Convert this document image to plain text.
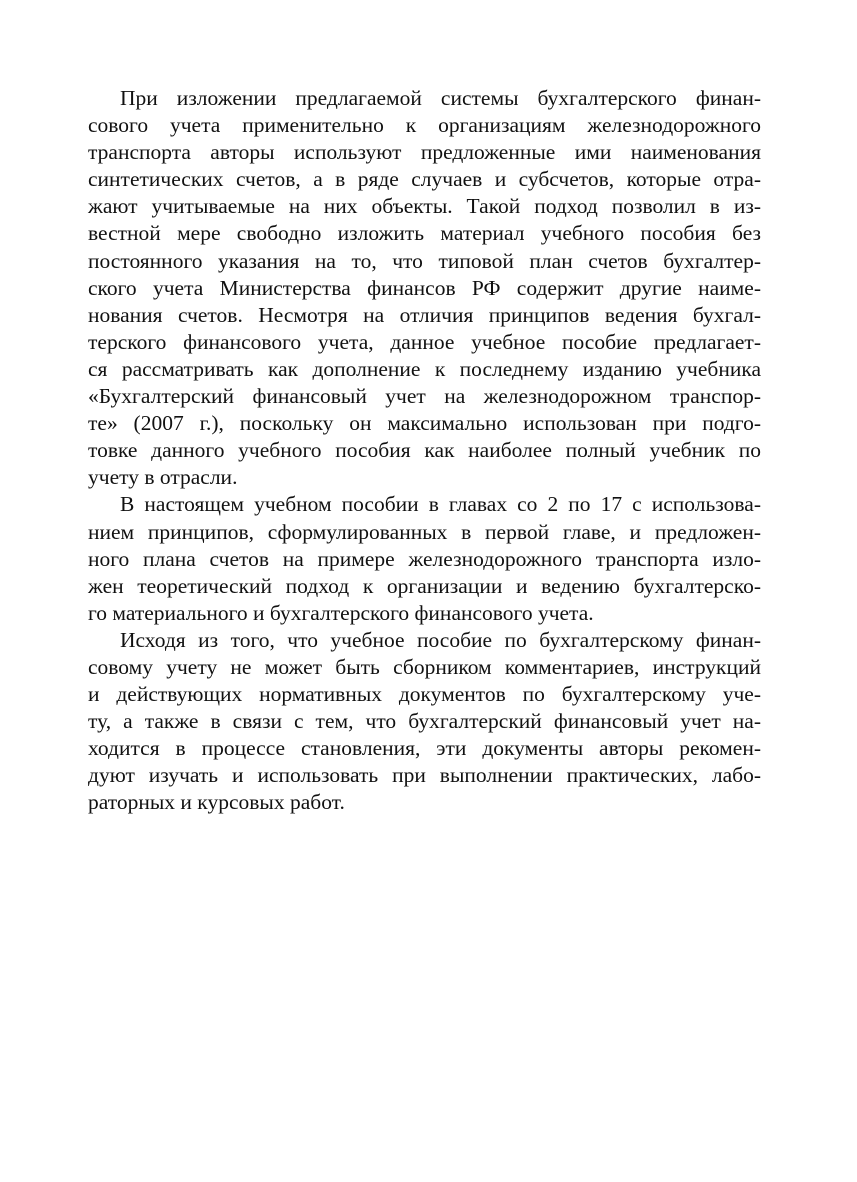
При изложении предлагаемой системы бухгалтерского финан-
сового учета применительно к организациям железнодорожного
транспорта авторы используют предложенные ими наименования
синтетических счетов, а в ряде случаев и субсчетов, которые отра-
жают учитываемые на них объекты. Такой подход позволил в из-
вестной мере свободно изложить материал учебного пособия без
постоянного указания на то, что типовой план счетов бухгалтер-
ского учета Министерства финансов РФ содержит другие наиме-
нования счетов. Несмотря на отличия принципов ведения бухгал-
терского финансового учета, данное учебное пособие предлагает-
ся рассматривать как дополнение к последнему изданию учебника
«Бухгалтерский финансовый учет на железнодорожном транспор-
те» (2007 г.), поскольку он максимально использован при подго-
товке данного учебного пособия как наиболее полный учебник по
учету в отрасли.

В настоящем учебном пособии в главах со 2 по 17 с использова-
нием принципов, сформулированных в первой главе, и предложен-
ного плана счетов на примере железнодорожного транспорта изло-
жен теоретический подход к организации и ведению бухгалтерско-
го материального и бухгалтерского финансового учета.

Исходя из того, что учебное пособие по бухгалтерскому финан-
совому учету не может быть сборником комментариев, инструкций
и действующих нормативных документов по бухгалтерскому уче-
ту, а также в связи с тем, что бухгалтерский финансовый учет на-
ходится в процессе становления, эти документы авторы рекомен-
дуют изучать и использовать при выполнении практических, лабо-
раторных и курсовых работ.
